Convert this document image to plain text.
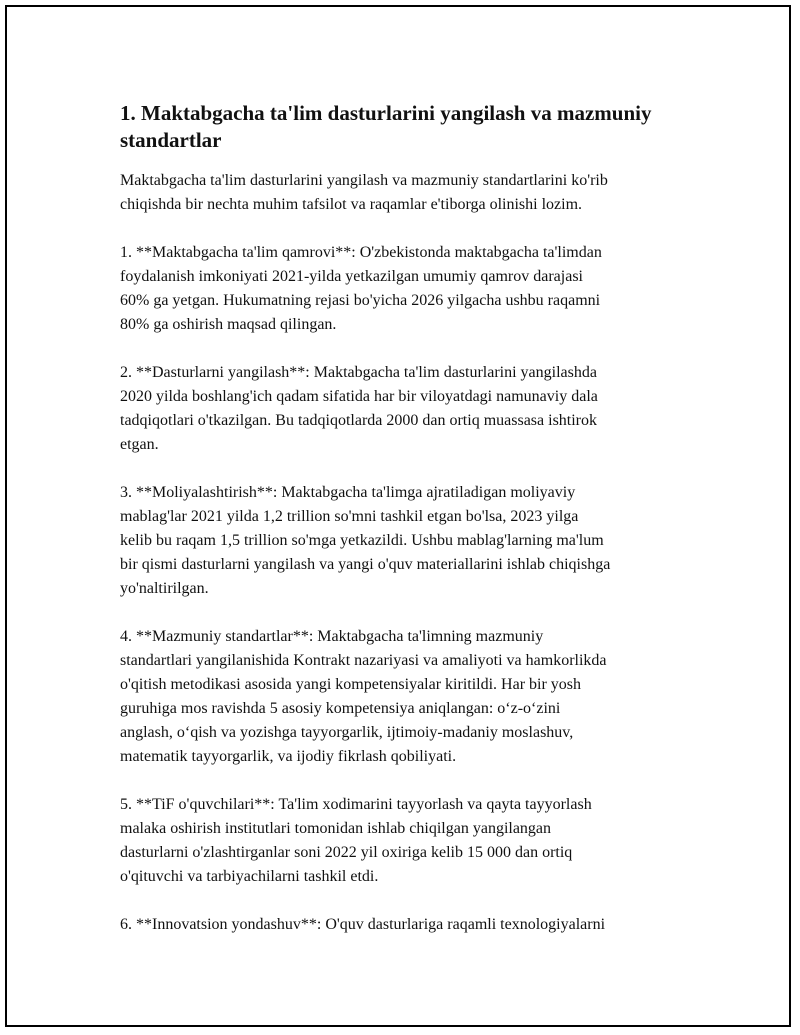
1. Maktabgacha ta'lim dasturlarini yangilash va mazmuniy standartlar

Maktabgacha ta'lim dasturlarini yangilash va mazmuniy standartlarini ko'rib
chiqishda bir nechta muhim tafsilot va raqamlar e'tiborga olinishi lozim.

1. **Maktabgacha ta'lim qamrovi**: O'zbekistonda maktabgacha ta'limdan
foydalanish imkoniyati 2021-yilda yetkazilgan umumiy qamrov darajasi
60% ga yetgan. Hukumatning rejasi bo'yicha 2026 yilgacha ushbu raqamni
80% ga oshirish maqsad qilingan.

2. **Dasturlarni yangilash**: Maktabgacha ta'lim dasturlarini yangilashda
2020 yilda boshlang'ich qadam sifatida har bir viloyatdagi namunaviy dala
tadqiqotlari o'tkazilgan. Bu tadqiqotlarda 2000 dan ortiq muassasa ishtirok
etgan.

3. **Moliyalashtirish**: Maktabgacha ta'limga ajratiladigan moliyaviy
mablag'lar 2021 yilda 1,2 trillion so'mni tashkil etgan bo'lsa, 2023 yilga
kelib bu raqam 1,5 trillion so'mga yetkazildi. Ushbu mablag'larning ma'lum
bir qismi dasturlarni yangilash va yangi o'quv materiallarini ishlab chiqishga
yo'naltirilgan.

4. **Mazmuniy standartlar**: Maktabgacha ta'limning mazmuniy
standartlari yangilanishida Kontrakt nazariyasi va amaliyoti va hamkorlikda
o'qitish metodikasi asosida yangi kompetensiyalar kiritildi. Har bir yosh
guruhiga mos ravishda 5 asosiy kompetensiya aniqlangan: o‘z-o‘zini
anglash, o‘qish va yozishga tayyorgarlik, ijtimoiy-madaniy moslashuv,
matematik tayyorgarlik, va ijodiy fikrlash qobiliyati.

5. **TiF o'quvchilari**: Ta'lim xodimarini tayyorlash va qayta tayyorlash
malaka oshirish institutlari tomonidan ishlab chiqilgan yangilangan
dasturlarni o'zlashtirganlar soni 2022 yil oxiriga kelib 15 000 dan ortiq
o'qituvchi va tarbiyachilarni tashkil etdi.

6. **Innovatsion yondashuv**: O'quv dasturlariga raqamli texnologiyalarni
